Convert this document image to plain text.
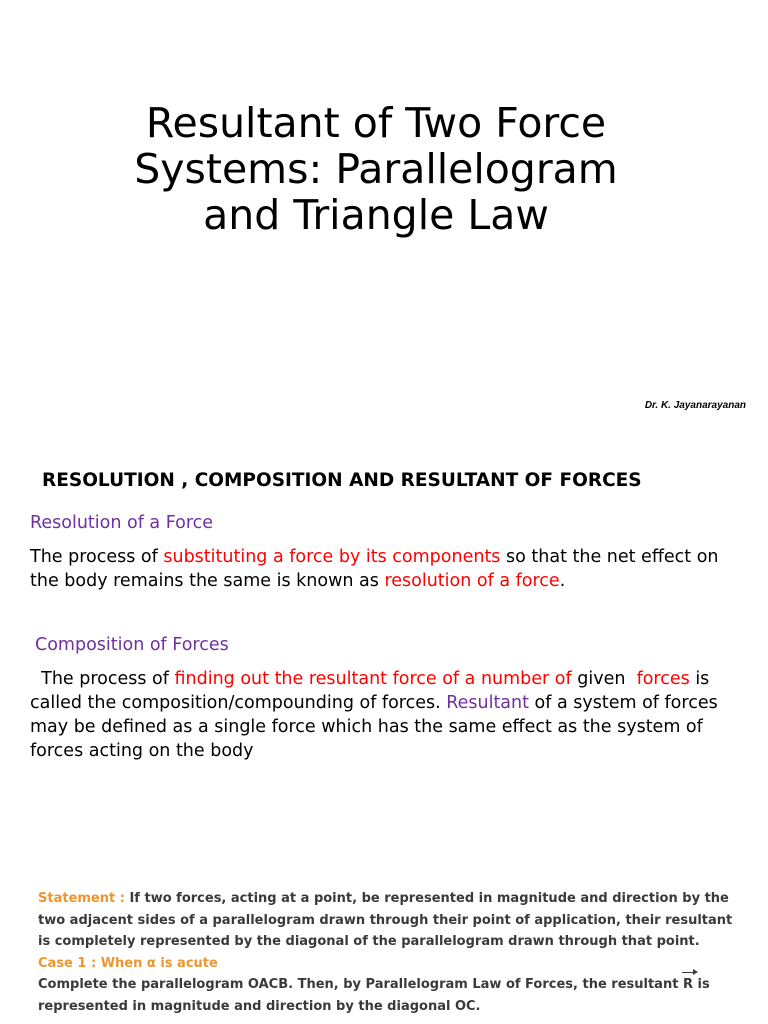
Resultant of Two Force
Systems: Parallelogram
and Triangle Law
Dr. K. Jayanarayanan
RESOLUTION , COMPOSITION AND RESULTANT OF FORCES
Resolution of a Force

The process of substituting a force by its components so that the net effect on the body remains the same is known as resolution of a force.

Composition of Forces

The process of finding out the resultant force of a number of given  forces is called the composition/compounding of forces. Resultant of a system of forces may be defined as a single force which has the same effect as the system of forces acting on the body

Statement : If two forces, acting at a point, be represented in magnitude and direction by the two adjacent sides of a parallelogram drawn through their point of application, their resultant is completely represented by the diagonal of the parallelogram drawn through that point.

Case 1 : When α is acute

Complete the parallelogram OACB. Then, by Parallelogram Law of Forces, the resultant R is represented in magnitude and direction by the diagonal OC.
